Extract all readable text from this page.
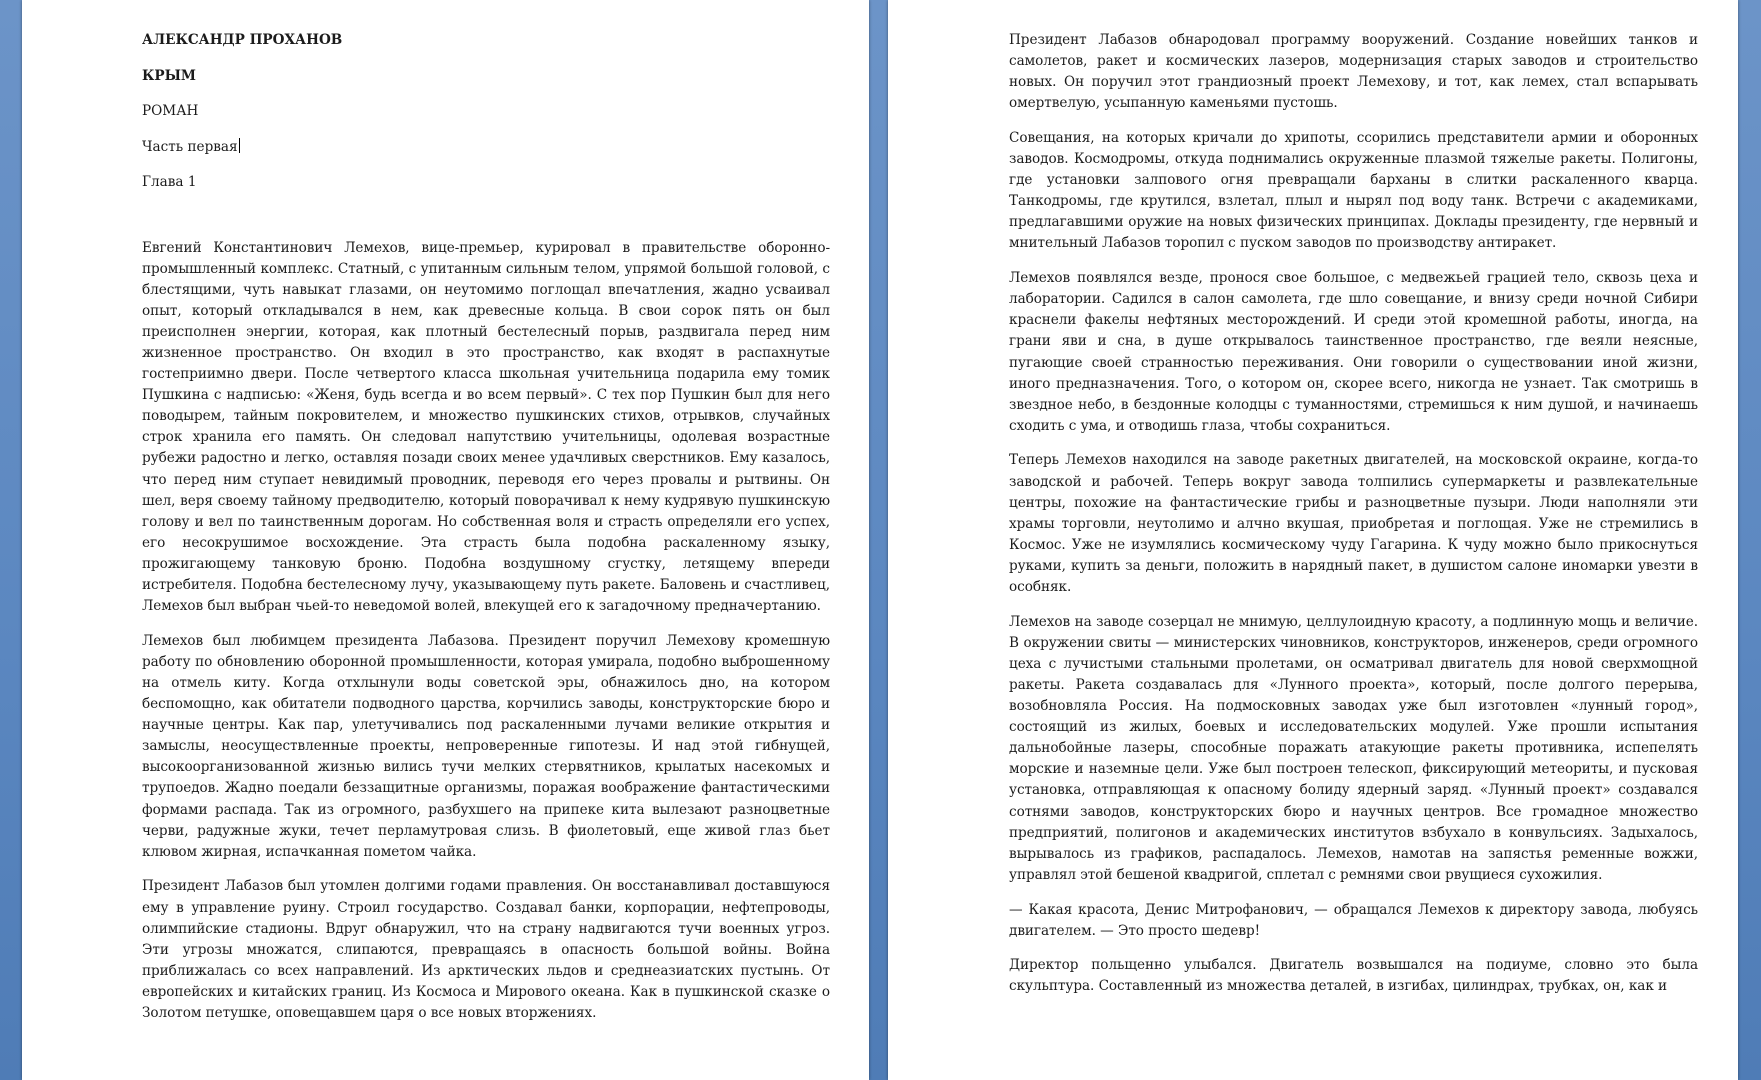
АЛЕКСАНДР ПРОХАНОВ

КРЫМ

РОМАН

Часть первая

Глава 1

Евгений Константинович Лемехов, вице-премьер, курировал в правительстве оборонно-промышленный комплекс. Статный, с упитанным сильным телом, упрямой большой головой, с блестящими, чуть навыкат глазами, он неутомимо поглощал впечатления, жадно усваивал опыт, который откладывался в нем, как древесные кольца. В свои сорок пять он был преисполнен энергии, которая, как плотный бестелесный порыв, раздвигала перед ним жизненное пространство. Он входил в это пространство, как входят в распахнутые гостеприимно двери. После четвертого класса школьная учительница подарила ему томик Пушкина с надписью: «Женя, будь всегда и во всем первый». С тех пор Пушкин был для него поводырем, тайным покровителем, и множество пушкинских стихов, отрывков, случайных строк хранила его память. Он следовал напутствию учительницы, одолевая возрастные рубежи радостно и легко, оставляя позади своих менее удачливых сверстников. Ему казалось, что перед ним ступает невидимый проводник, переводя его через провалы и рытвины. Он шел, веря своему тайному предводителю, который поворачивал к нему кудрявую пушкинскую голову и вел по таинственным дорогам. Но собственная воля и страсть определяли его успех, его несокрушимое восхождение. Эта страсть была подобна раскаленному языку, прожигающему танковую броню. Подобна воздушному сгустку, летящему впереди истребителя. Подобна бестелесному лучу, указывающему путь ракете. Баловень и счастливец, Лемехов был выбран чьей-то неведомой волей, влекущей его к загадочному предначертанию.

Лемехов был любимцем президента Лабазова. Президент поручил Лемехову кромешную работу по обновлению оборонной промышленности, которая умирала, подобно выброшенному на отмель киту. Когда отхлынули воды советской эры, обнажилось дно, на котором беспомощно, как обитатели подводного царства, корчились заводы, конструкторские бюро и научные центры. Как пар, улетучивались под раскаленными лучами великие открытия и замыслы, неосуществленные проекты, непроверенные гипотезы. И над этой гибнущей, высокоорганизованной жизнью вились тучи мелких стервятников, крылатых насекомых и трупоедов. Жадно поедали беззащитные организмы, поражая воображение фантастическими формами распада. Так из огромного, разбухшего на припеке кита вылезают разноцветные черви, радужные жуки, течет перламутровая слизь. В фиолетовый, еще живой глаз бьет клювом жирная, испачканная пометом чайка.

Президент Лабазов был утомлен долгими годами правления. Он восстанавливал доставшуюся ему в управление руину. Строил государство. Создавал банки, корпорации, нефтепроводы, олимпийские стадионы. Вдруг обнаружил, что на страну надвигаются тучи военных угроз. Эти угрозы множатся, слипаются, превращаясь в опасность большой войны. Война приближалась со всех направлений. Из арктических льдов и среднеазиатских пустынь. От европейских и китайских границ. Из Космоса и Мирового океана. Как в пушкинской сказке о Золотом петушке, оповещавшем царя о все новых вторжениях.

Президент Лабазов обнародовал программу вооружений. Создание новейших танков и самолетов, ракет и космических лазеров, модернизация старых заводов и строительство новых. Он поручил этот грандиозный проект Лемехову, и тот, как лемех, стал вспарывать омертвелую, усыпанную каменьями пустошь.

Совещания, на которых кричали до хрипоты, ссорились представители армии и оборонных заводов. Космодромы, откуда поднимались окруженные плазмой тяжелые ракеты. Полигоны, где установки залпового огня превращали барханы в слитки раскаленного кварца. Танкодромы, где крутился, взлетал, плыл и нырял под воду танк. Встречи с академиками, предлагавшими оружие на новых физических принципах. Доклады президенту, где нервный и мнительный Лабазов торопил с пуском заводов по производству антиракет.

Лемехов появлялся везде, пронося свое большое, с медвежьей грацией тело, сквозь цеха и лаборатории. Садился в салон самолета, где шло совещание, и внизу среди ночной Сибири краснели факелы нефтяных месторождений. И среди этой кромешной работы, иногда, на грани яви и сна, в душе открывалось таинственное пространство, где веяли неясные, пугающие своей странностью переживания. Они говорили о существовании иной жизни, иного предназначения. Того, о котором он, скорее всего, никогда не узнает. Так смотришь в звездное небо, в бездонные колодцы с туманностями, стремишься к ним душой, и начинаешь сходить с ума, и отводишь глаза, чтобы сохраниться.

Теперь Лемехов находился на заводе ракетных двигателей, на московской окраине, когда-то заводской и рабочей. Теперь вокруг завода толпились супермаркеты и развлекательные центры, похожие на фантастические грибы и разноцветные пузыри. Люди наполняли эти храмы торговли, неутолимо и алчно вкушая, приобретая и поглощая. Уже не стремились в Космос. Уже не изумлялись космическому чуду Гагарина. К чуду можно было прикоснуться руками, купить за деньги, положить в нарядный пакет, в душистом салоне иномарки увезти в особняк.

Лемехов на заводе созерцал не мнимую, целлулоидную красоту, а подлинную мощь и величие. В окружении свиты — министерских чиновников, конструкторов, инженеров, среди огромного цеха с лучистыми стальными пролетами, он осматривал двигатель для новой сверхмощной ракеты. Ракета создавалась для «Лунного проекта», который, после долгого перерыва, возобновляла Россия. На подмосковных заводах уже был изготовлен «лунный город», состоящий из жилых, боевых и исследовательских модулей. Уже прошли испытания дальнобойные лазеры, способные поражать атакующие ракеты противника, испепелять морские и наземные цели. Уже был построен телескоп, фиксирующий метеориты, и пусковая установка, отправляющая к опасному болиду ядерный заряд. «Лунный проект» создавался сотнями заводов, конструкторских бюро и научных центров. Все громадное множество предприятий, полигонов и академических институтов взбухало в конвульсиях. Задыхалось, вырывалось из графиков, распадалось. Лемехов, намотав на запястья ременные вожжи, управлял этой бешеной квадригой, сплетал с ремнями свои рвущиеся сухожилия.

— Какая красота, Денис Митрофанович, — обращался Лемехов к директору завода, любуясь двигателем. — Это просто шедевр!

Директор польщенно улыбался. Двигатель возвышался на подиуме, словно это была скульптура. Составленный из множества деталей, в изгибах, цилиндрах, трубках, он, как и
